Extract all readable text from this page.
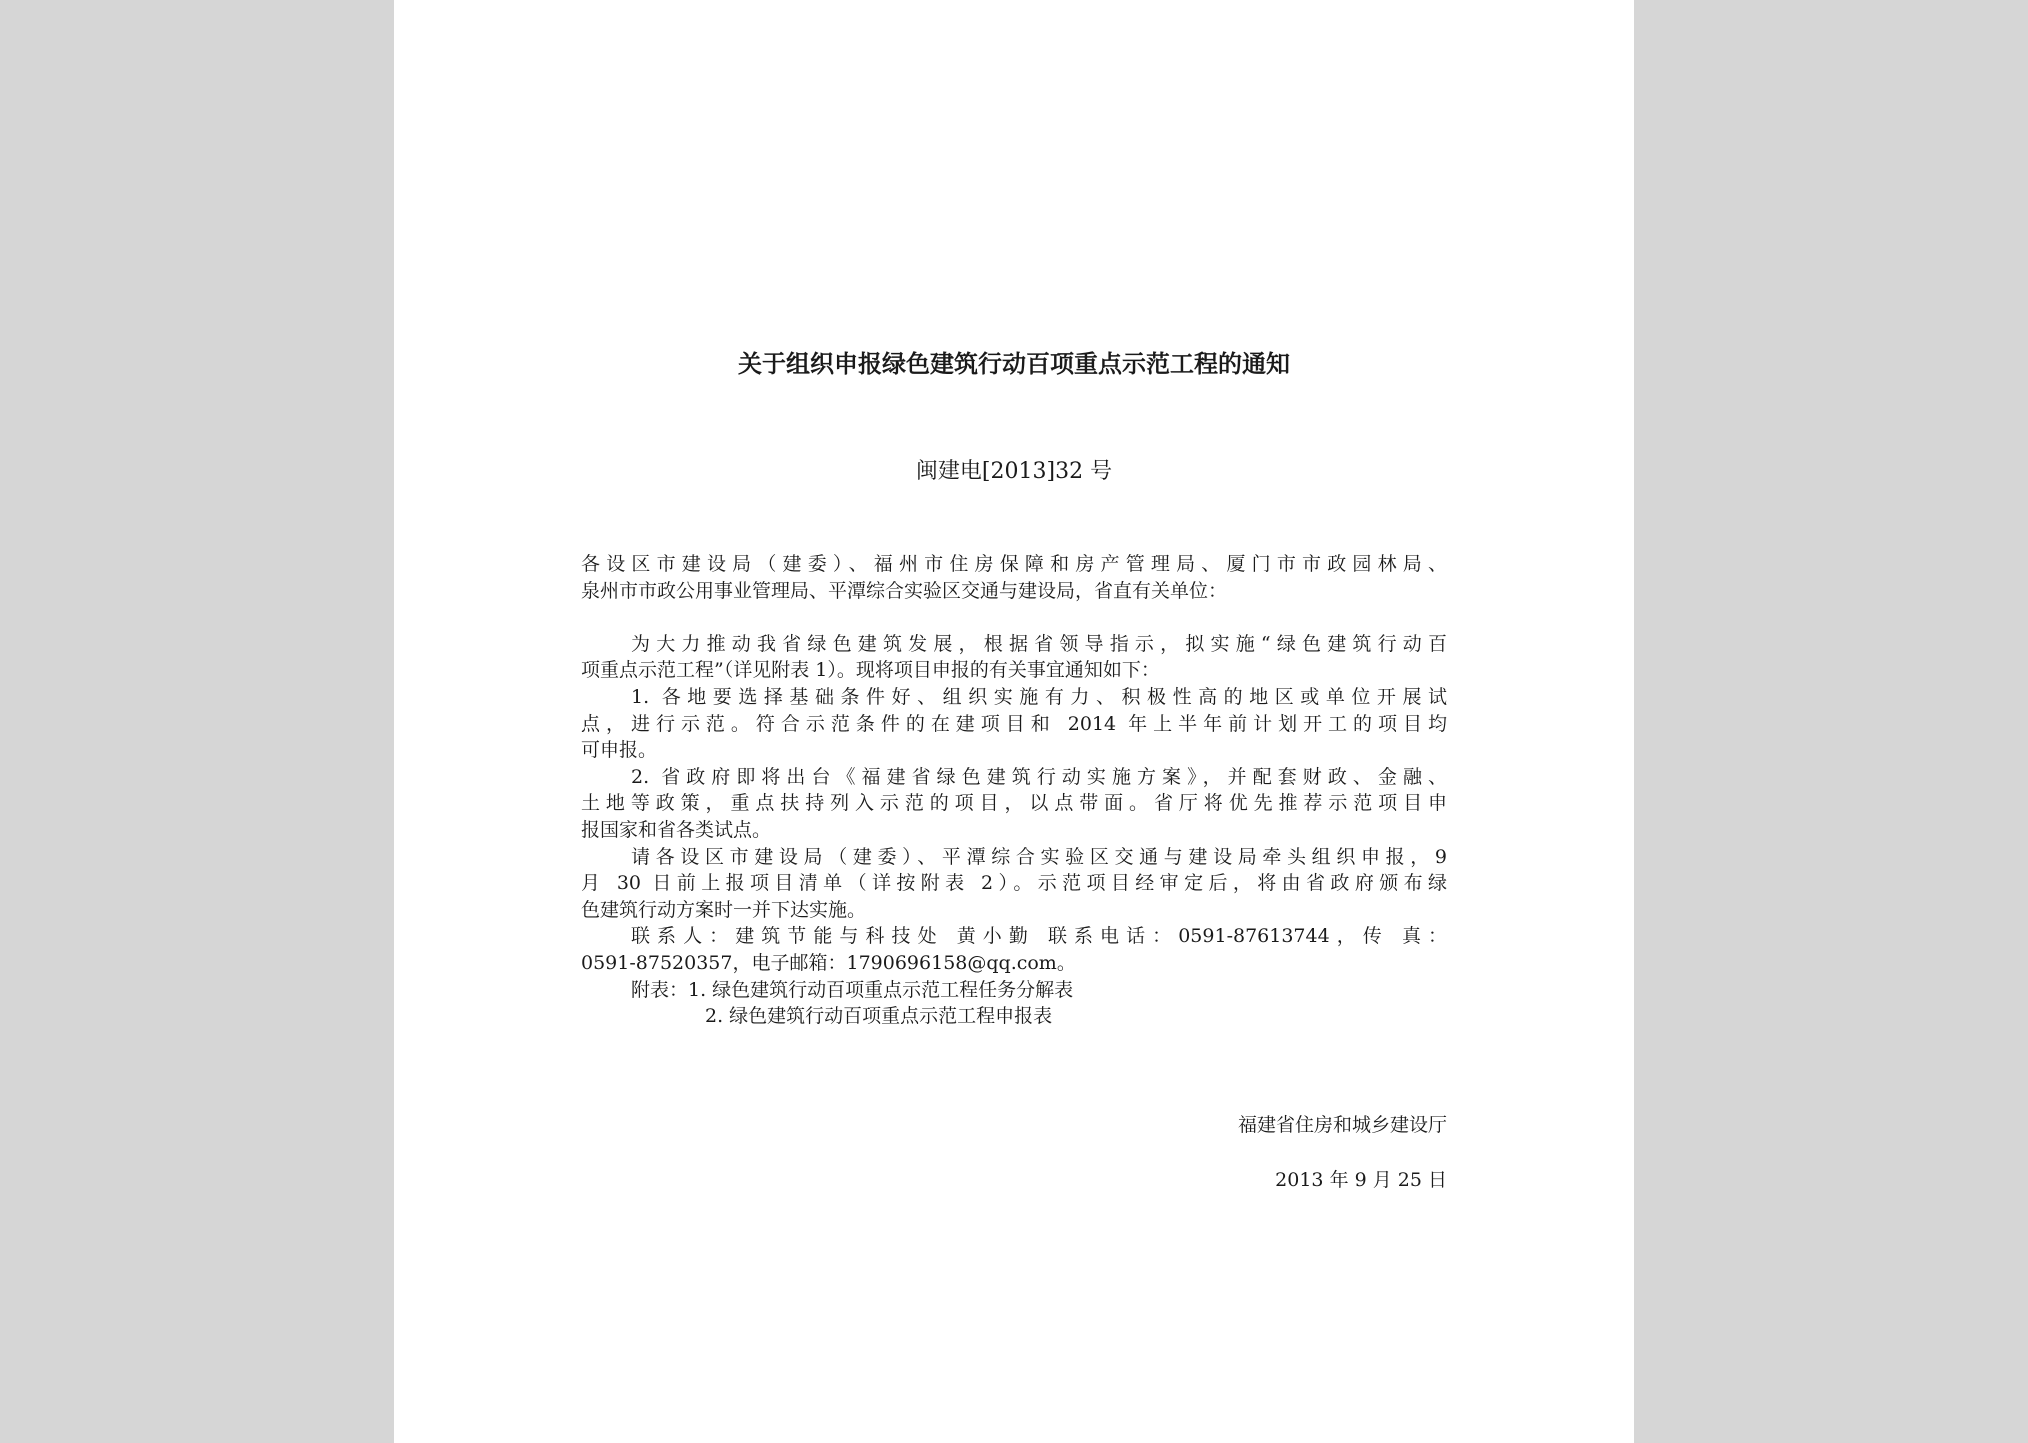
关于组织申报绿色建筑行动百项重点示范工程的通知
闽建电[2013]32 号
各设区市建设局（建委）、福州市住房保障和房产管理局、厦门市市政园林局、
泉州市市政公用事业管理局、平潭综合实验区交通与建设局，省直有关单位：
为大力推动我省绿色建筑发展，根据省领导指示，拟实施“绿色建筑行动百
项重点示范工程”（详见附表 1）。现将项目申报的有关事宜通知如下：
1. 各地要选择基础条件好、组织实施有力、积极性高的地区或单位开展试
点，进行示范。符合示范条件的在建项目和 2014 年上半年前计划开工的项目均
可申报。
2. 省政府即将出台《福建省绿色建筑行动实施方案》，并配套财政、金融、
土地等政策，重点扶持列入示范的项目，以点带面。省厅将优先推荐示范项目申
报国家和省各类试点。
请各设区市建设局（建委）、平潭综合实验区交通与建设局牵头组织申报，9
月 30 日前上报项目清单（详按附表 2）。示范项目经审定后，将由省政府颁布绿
色建筑行动方案时一并下达实施。
联系人：建筑节能与科技处 黄小勤 联系电话：0591-87613744，传 真：
0591-87520357，电子邮箱：1790696158@qq.com。
附表：1. 绿色建筑行动百项重点示范工程任务分解表
2. 绿色建筑行动百项重点示范工程申报表
福建省住房和城乡建设厅
2013 年 9 月 25 日
